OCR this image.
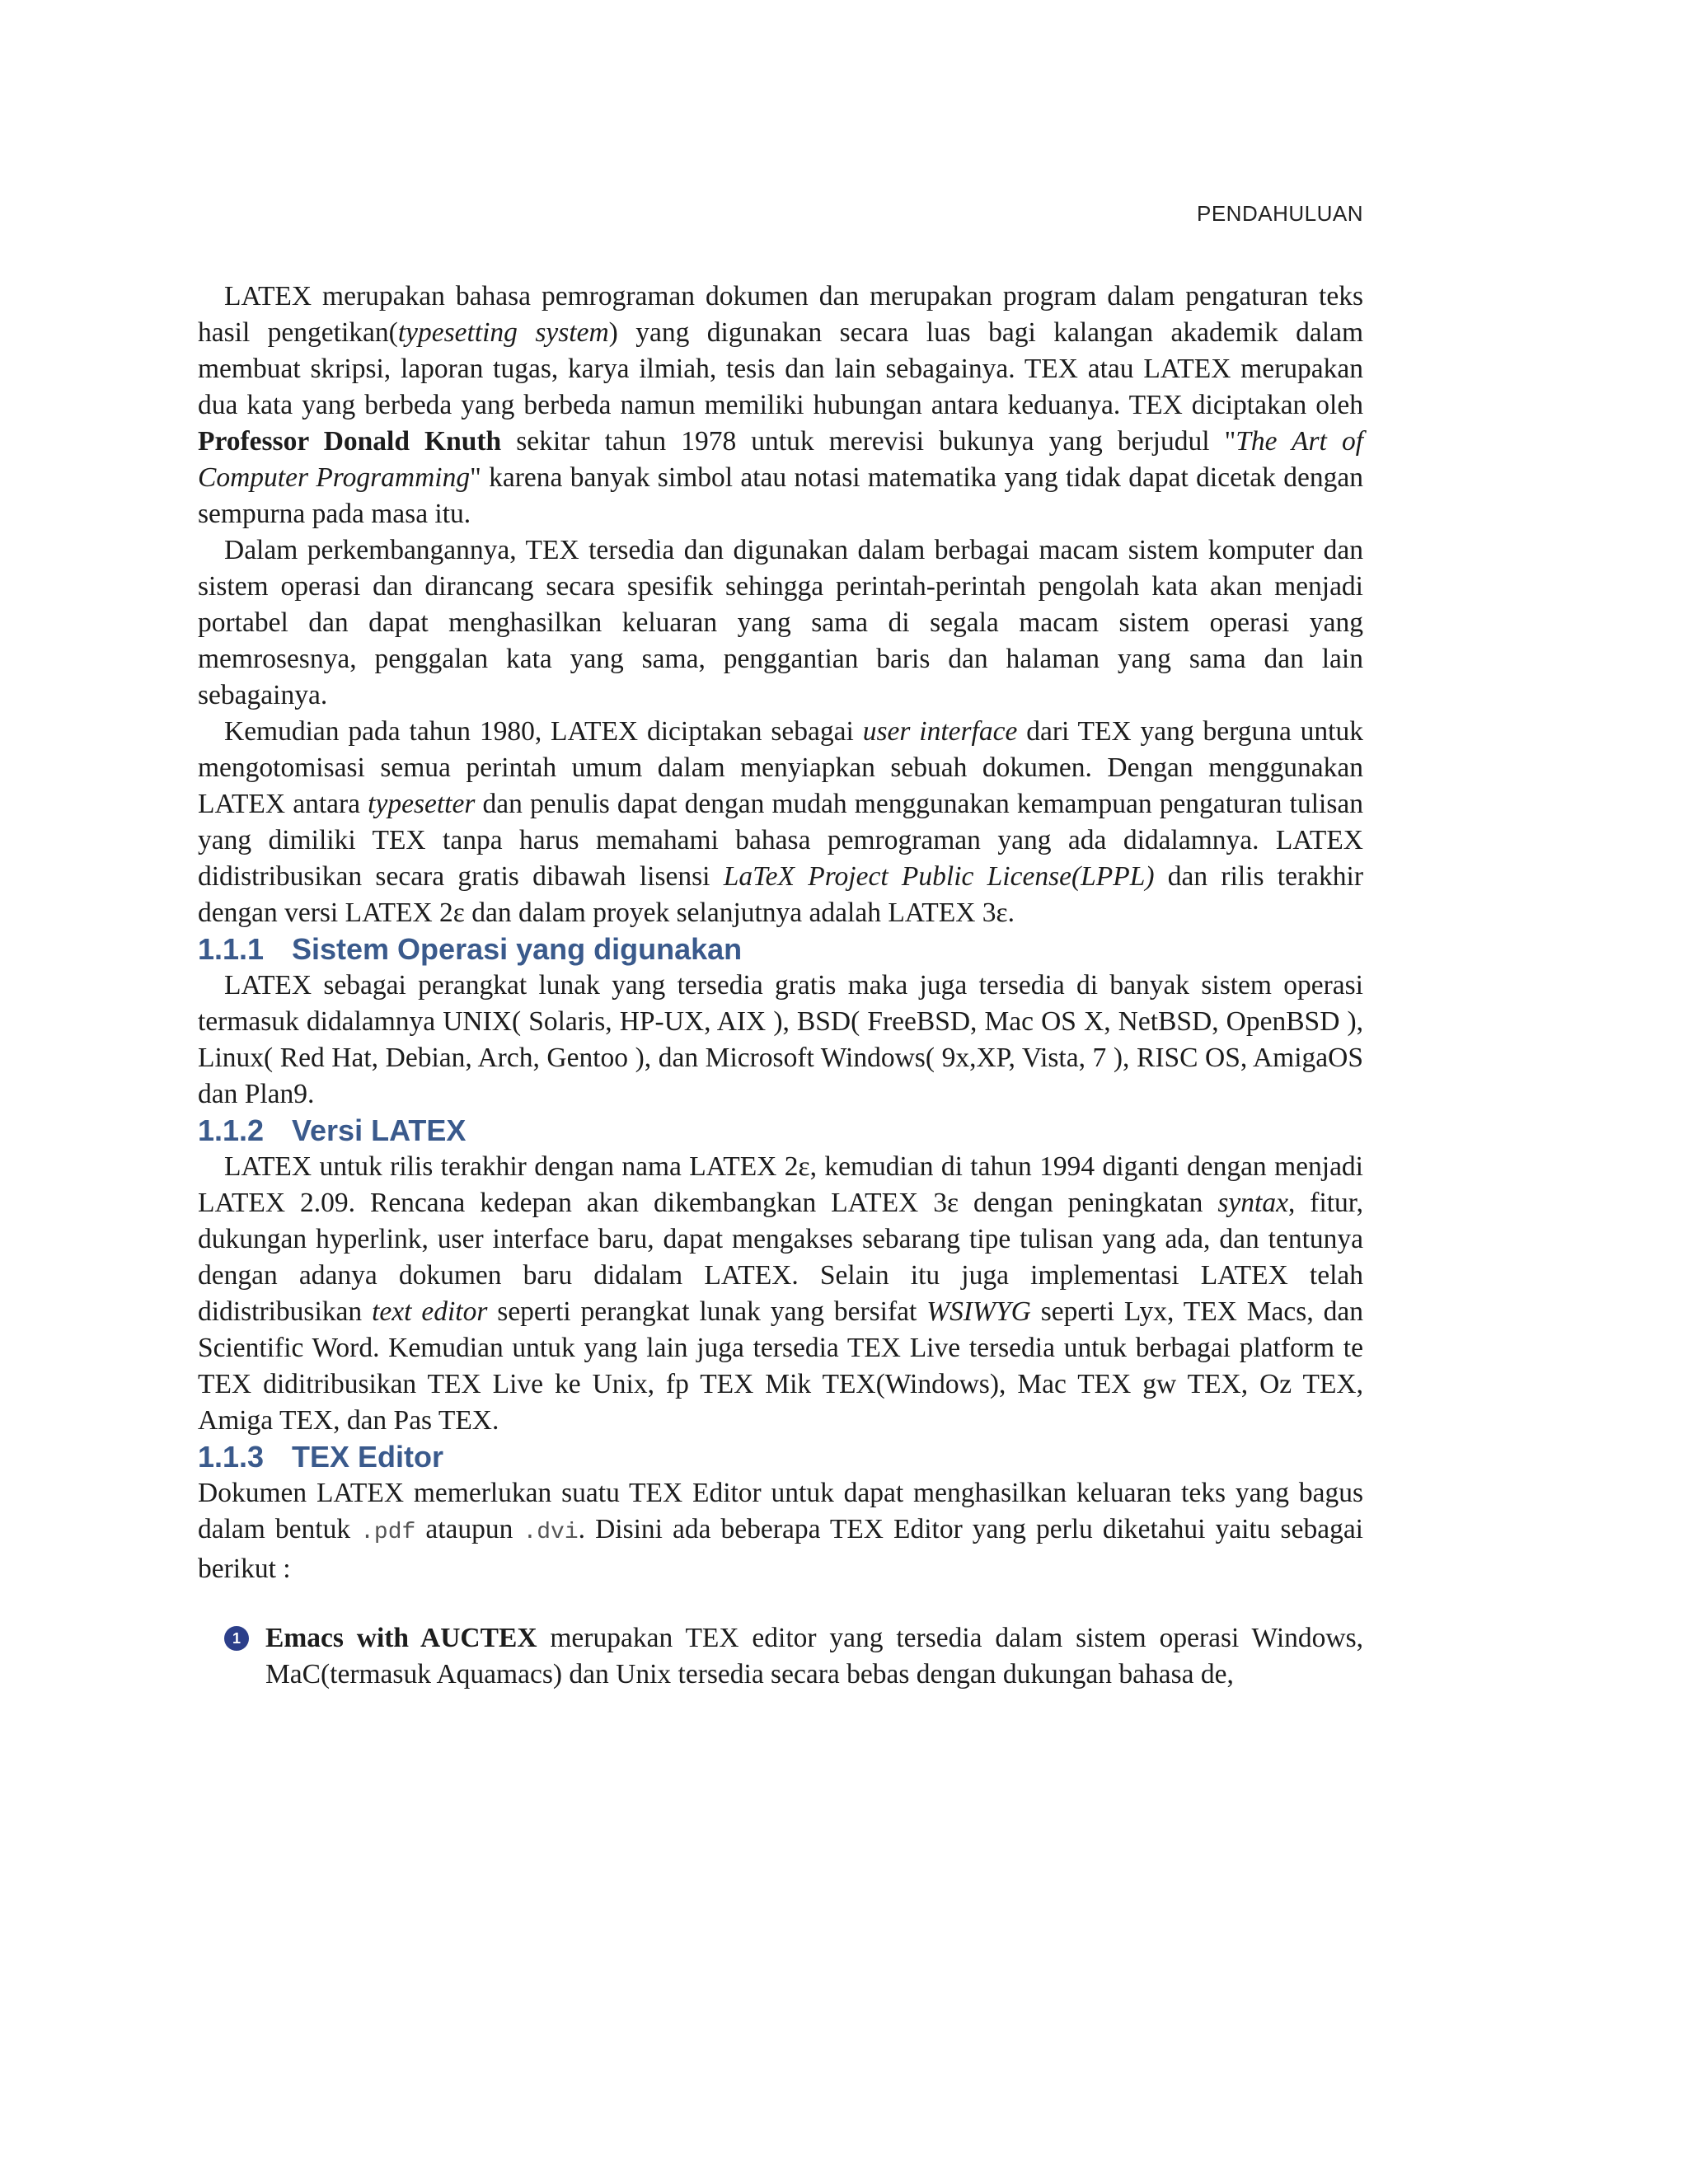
PENDAHULUAN

LATEX merupakan bahasa pemrograman dokumen dan merupakan program dalam pengaturan teks hasil pengetikan(typesetting system) yang digunakan secara luas bagi kalangan akademik dalam membuat skripsi, laporan tugas, karya ilmiah, tesis dan lain sebagainya. TEX atau LATEX merupakan dua kata yang berbeda yang berbeda namun memiliki hubungan antara keduanya. TEX diciptakan oleh Professor Donald Knuth sekitar tahun 1978 untuk merevisi bukunya yang berjudul "The Art of Computer Programming" karena banyak simbol atau notasi matematika yang tidak dapat dicetak dengan sempurna pada masa itu.

Dalam perkembangannya, TEX tersedia dan digunakan dalam berbagai macam sistem komputer dan sistem operasi dan dirancang secara spesifik sehingga perintah-perintah pengolah kata akan menjadi portabel dan dapat menghasilkan keluaran yang sama di segala macam sistem operasi yang memrosesnya, penggalan kata yang sama, penggantian baris dan halaman yang sama dan lain sebagainya.

Kemudian pada tahun 1980, LATEX diciptakan sebagai user interface dari TEX yang berguna untuk mengotomisasi semua perintah umum dalam menyiapkan sebuah dokumen. Dengan menggunakan LATEX antara typesetter dan penulis dapat dengan mudah menggunakan kemampuan pengaturan tulisan yang dimiliki TEX tanpa harus memahami bahasa pemrograman yang ada didalamnya. LATEX didistribusikan secara gratis dibawah lisensi LaTeX Project Public License(LPPL) dan rilis terakhir dengan versi LATEX 2ε dan dalam proyek selanjutnya adalah LATEX 3ε.

1.1.1 Sistem Operasi yang digunakan

LATEX sebagai perangkat lunak yang tersedia gratis maka juga tersedia di banyak sistem operasi termasuk didalamnya UNIX( Solaris, HP-UX, AIX ), BSD( FreeBSD, Mac OS X, NetBSD, OpenBSD ), Linux( Red Hat, Debian, Arch, Gentoo ), dan Microsoft Windows( 9x,XP, Vista, 7 ), RISC OS, AmigaOS dan Plan9.

1.1.2 Versi LATEX

LATEX untuk rilis terakhir dengan nama LATEX 2ε, kemudian di tahun 1994 diganti dengan menjadi LATEX 2.09. Rencana kedepan akan dikembangkan LATEX 3ε dengan peningkatan syntax, fitur, dukungan hyperlink, user interface baru, dapat mengakses sebarang tipe tulisan yang ada, dan tentunya dengan adanya dokumen baru didalam LATEX. Selain itu juga implementasi LATEX telah didistribusikan text editor seperti perangkat lunak yang bersifat WSIWYG seperti Lyx, TEX Macs, dan Scientific Word. Kemudian untuk yang lain juga tersedia TEX Live tersedia untuk berbagai platform te TEX diditribusikan TEX Live ke Unix, fp TEX Mik TEX(Windows), Mac TEX gw TEX, Oz TEX, Amiga TEX, dan Pas TEX.

1.1.3 TEX Editor

Dokumen LATEX memerlukan suatu TEX Editor untuk dapat menghasilkan keluaran teks yang bagus dalam bentuk .pdf ataupun .dvi. Disini ada beberapa TEX Editor yang perlu diketahui yaitu sebagai berikut :

1 Emacs with AUCTEX merupakan TEX editor yang tersedia dalam sistem operasi Windows, MaC(termasuk Aquamacs) dan Unix tersedia secara bebas dengan dukungan bahasa de,
